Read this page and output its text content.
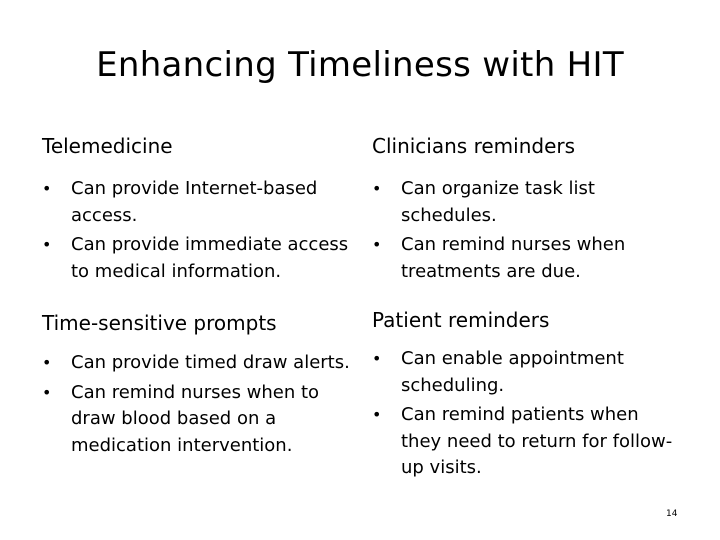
Enhancing Timeliness with HIT
Telemedicine
• Can provide Internet-based access.
• Can provide immediate access to medical information.
Clinicians reminders
• Can organize task list schedules.
• Can remind nurses when treatments are due.
Time-sensitive prompts
• Can provide timed draw alerts.
• Can remind nurses when to draw blood based on a medication intervention.
Patient reminders
• Can enable appointment scheduling.
• Can remind patients when they need to return for follow-up visits.
14
